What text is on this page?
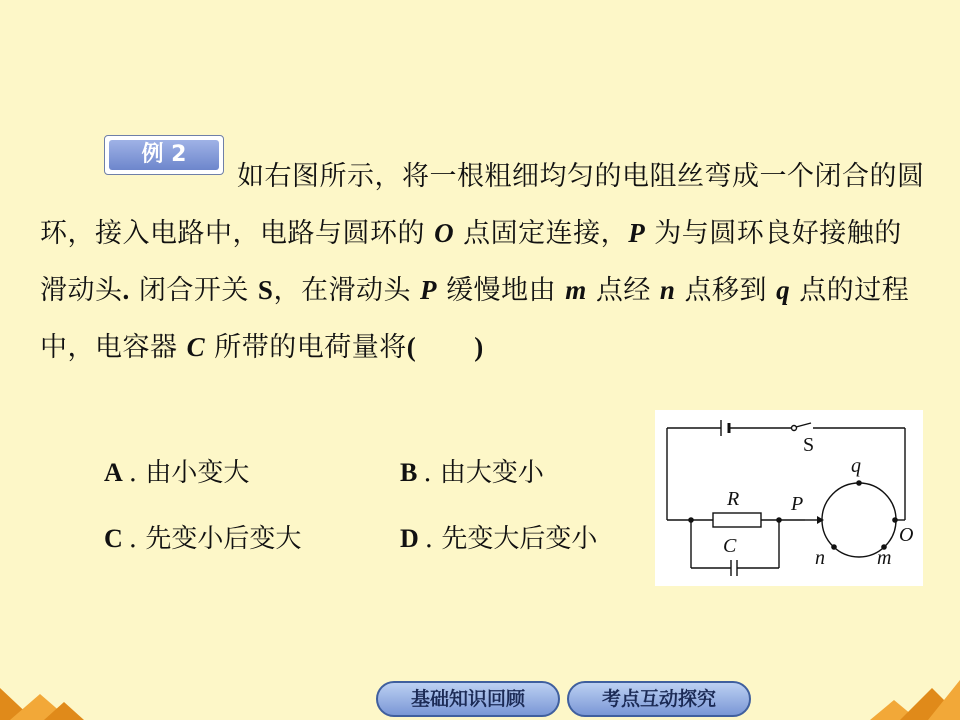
例 2

如右图所示，将一根粗细均匀的电阻丝弯成一个闭合的圆环，接入电路中，电路与圆环的 O 点固定连接，P 为与圆环良好接触的滑动头. 闭合开关 S，在滑动头 P 缓慢地由 m 点经 n 点移到 q 点的过程中，电容器 C 所带的电荷量将( )

A . 由小变大	B . 由大变小
C . 先变小后变大	D . 先变大后变小
S
q
R	P
O
C
n	m
基础知识回顾	考点互动探究
